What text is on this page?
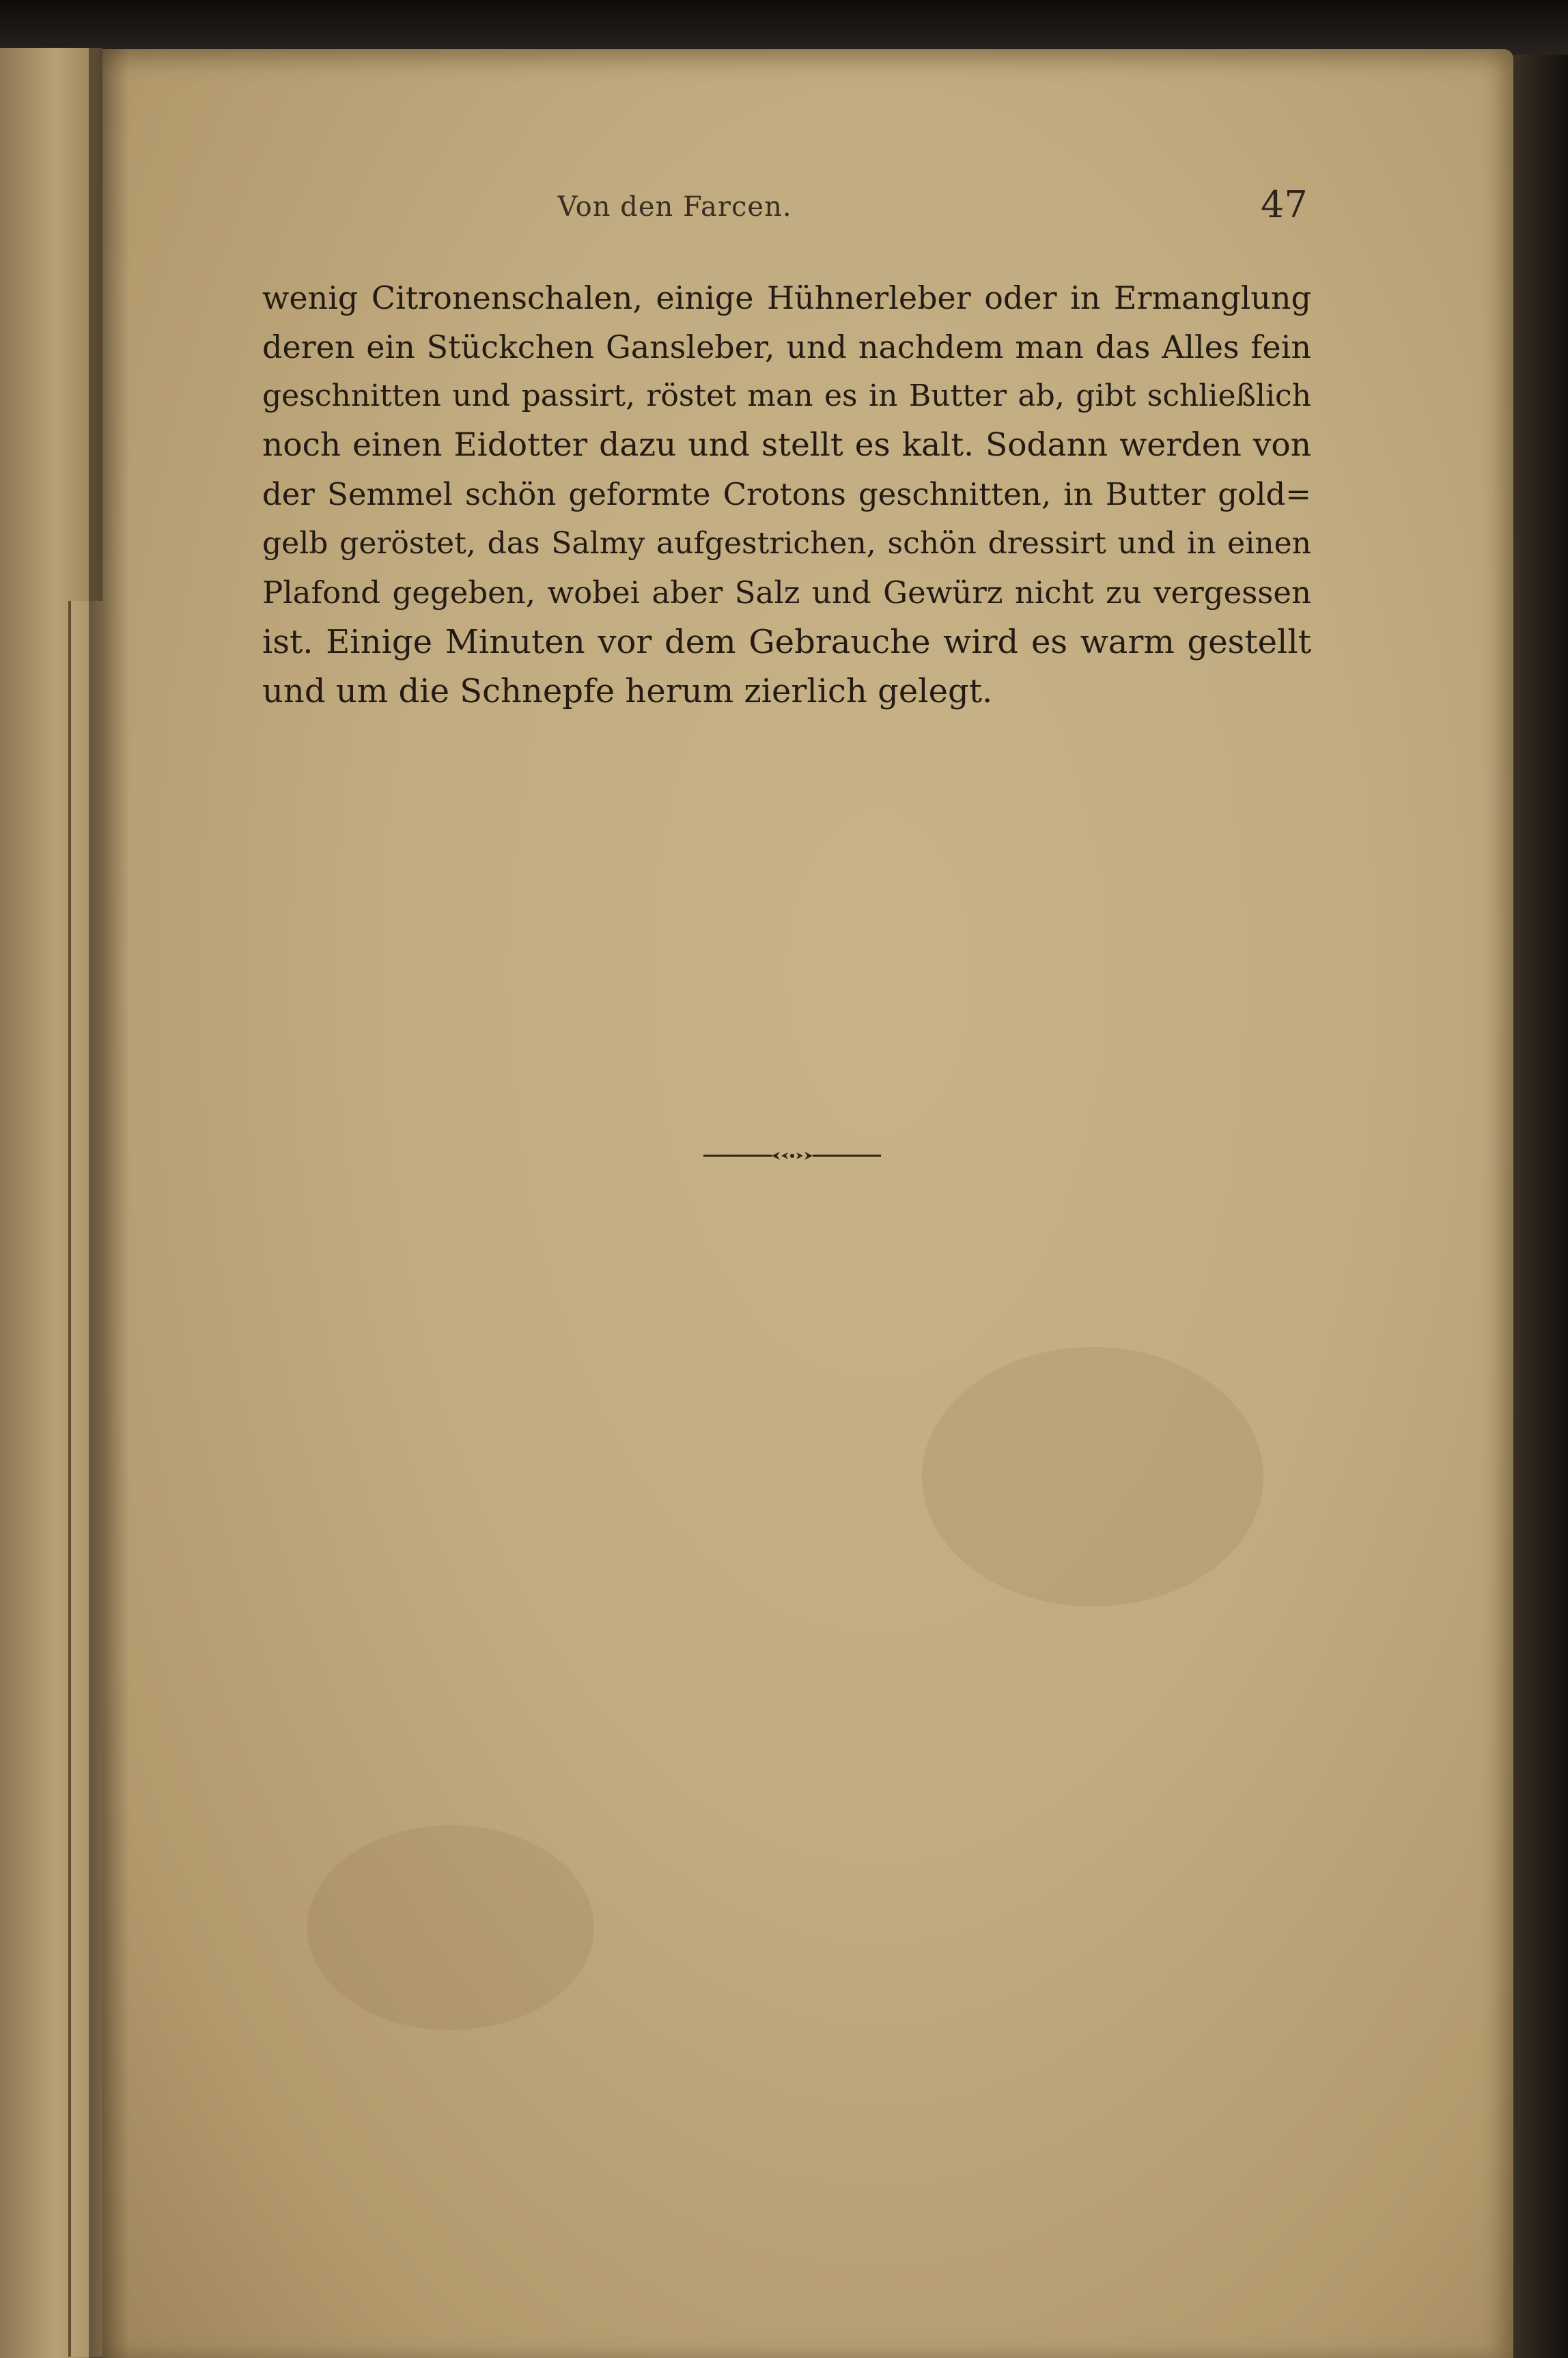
Von den Farcen.	47
wenig Citronenschalen, einige Hühnerleber oder in Ermanglung
deren ein Stückchen Gansleber, und nachdem man das Alles fein
geschnitten und passirt, röstet man es in Butter ab, gibt schließlich
noch einen Eidotter dazu und stellt es kalt. Sodann werden von
der Semmel schön geformte Crotons geschnitten, in Butter gold=
gelb geröstet, das Salmy aufgestrichen, schön dressirt und in einen
Plafond gegeben, wobei aber Salz und Gewürz nicht zu vergessen
ist. Einige Minuten vor dem Gebrauche wird es warm gestellt
und um die Schnepfe herum zierlich gelegt.
